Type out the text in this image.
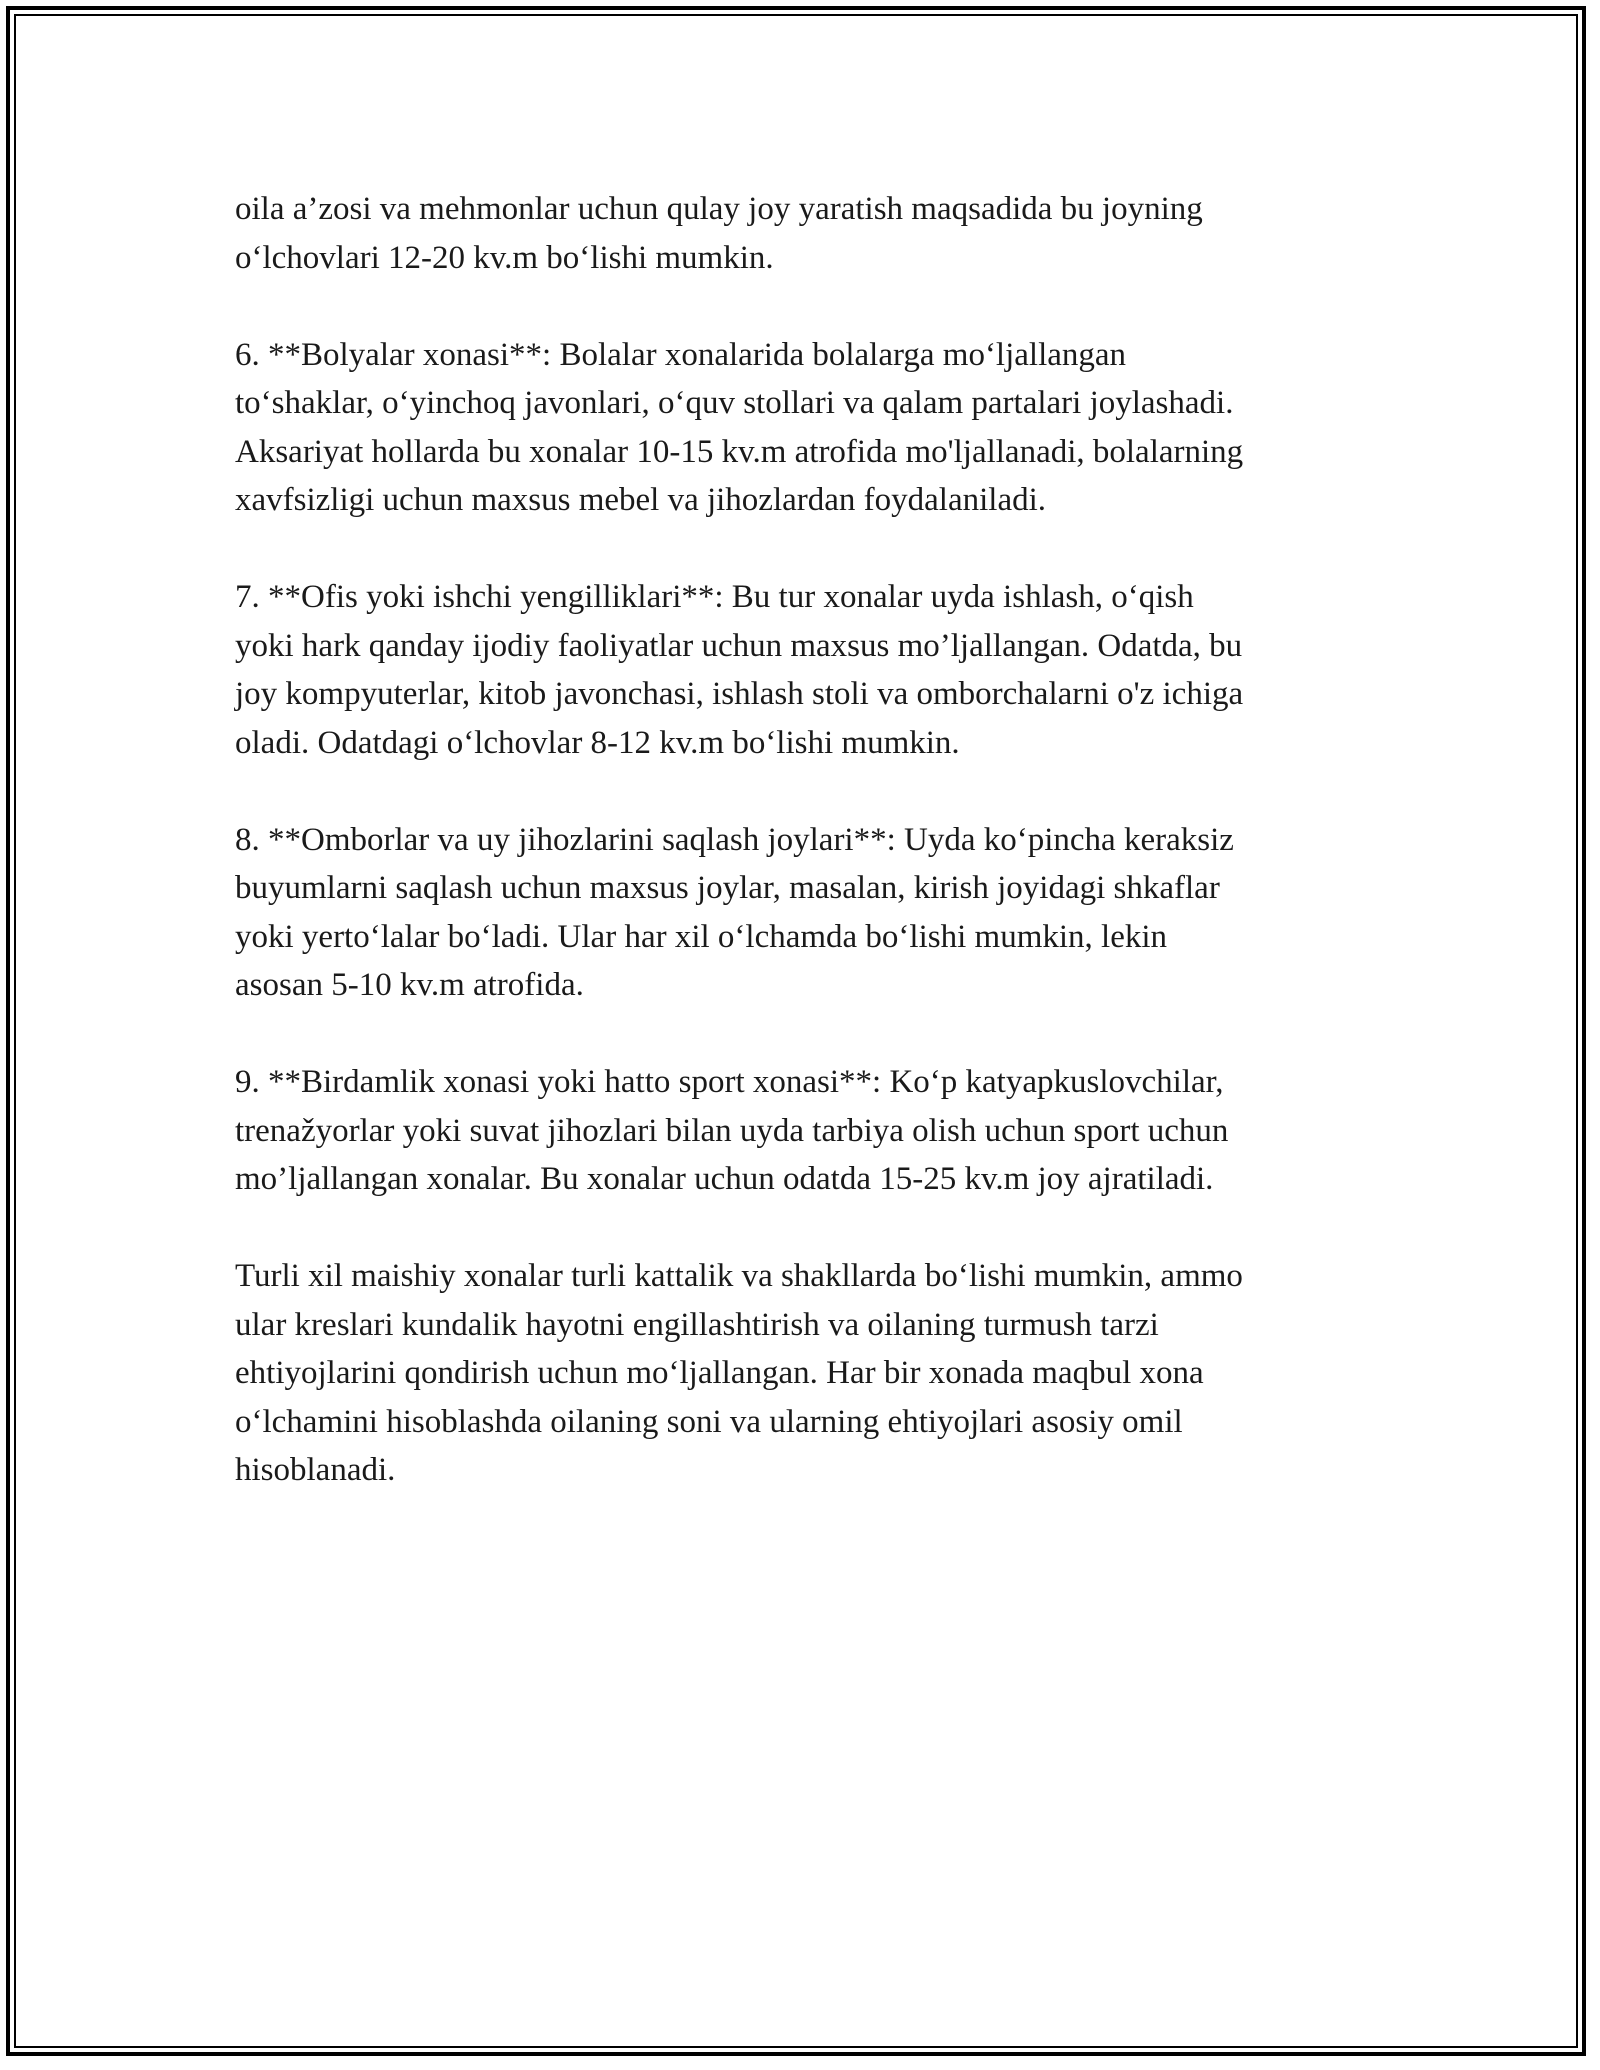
oila a’zosi va mehmonlar uchun qulay joy yaratish maqsadida bu joyning
o‘lchovlari 12-20 kv.m bo‘lishi mumkin.

6. **Bolyalar xonasi**: Bolalar xonalarida bolalarga mo‘ljallangan
to‘shaklar, o‘yinchoq javonlari, o‘quv stollari va qalam partalari joylashadi.
Aksariyat hollarda bu xonalar 10-15 kv.m atrofida mo'ljallanadi, bolalarning
xavfsizligi uchun maxsus mebel va jihozlardan foydalaniladi.

7. **Ofis yoki ishchi yengilliklari**: Bu tur xonalar uyda ishlash, o‘qish
yoki hark qanday ijodiy faoliyatlar uchun maxsus mo’ljallangan. Odatda, bu
joy kompyuterlar, kitob javonchasi, ishlash stoli va omborchalarni o'z ichiga
oladi. Odatdagi o‘lchovlar 8-12 kv.m bo‘lishi mumkin.

8. **Omborlar va uy jihozlarini saqlash joylari**: Uyda ko‘pincha keraksiz
buyumlarni saqlash uchun maxsus joylar, masalan, kirish joyidagi shkaflar
yoki yerto‘lalar bo‘ladi. Ular har xil o‘lchamda bo‘lishi mumkin, lekin
asosan 5-10 kv.m atrofida.

9. **Birdamlik xonasi yoki hatto sport xonasi**: Ko‘p katyapkuslovchilar,
trenažyorlar yoki suvat jihozlari bilan uyda tarbiya olish uchun sport uchun
mo’ljallangan xonalar. Bu xonalar uchun odatda 15-25 kv.m joy ajratiladi.

Turli xil maishiy xonalar turli kattalik va shakllarda bo‘lishi mumkin, ammo
ular kreslari kundalik hayotni engillashtirish va oilaning turmush tarzi
ehtiyojlarini qondirish uchun mo‘ljallangan. Har bir xonada maqbul xona
o‘lchamini hisoblashda oilaning soni va ularning ehtiyojlari asosiy omil
hisoblanadi.
